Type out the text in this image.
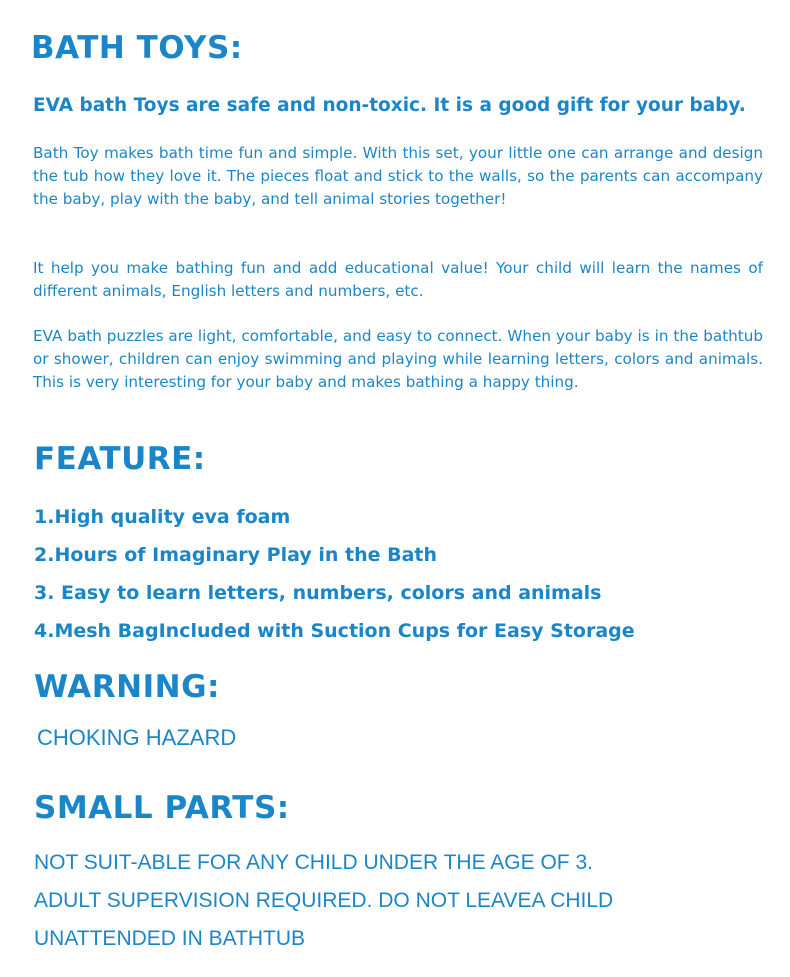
BATH TOYS:

EVA bath Toys are safe and non-toxic. It is a good gift for your baby.

Bath Toy makes bath time fun and simple. With this set, your little one can arrange and design the tub how they love it. The pieces float and stick to the walls, so the parents can accompany the baby, play with the baby, and tell animal stories together!

It help you make bathing fun and add educational value! Your child will learn the names of different animals, English letters and numbers, etc.

EVA bath puzzles are light, comfortable, and easy to connect. When your baby is in the bathtub or shower, children can enjoy swimming and playing while learning letters, colors and animals. This is very interesting for your baby and makes bathing a happy thing.

FEATURE:
1.High quality eva foam
2.Hours of Imaginary Play in the Bath
3. Easy to learn letters, numbers, colors and animals
4.Mesh BagIncluded with Suction Cups for Easy Storage
WARNING:

CHOKING HAZARD

SMALL PARTS:
NOT SUIT-ABLE FOR ANY CHILD UNDER THE AGE OF 3.
ADULT SUPERVISION REQUIRED. DO NOT LEAVEA CHILD
UNATTENDED IN BATHTUB
